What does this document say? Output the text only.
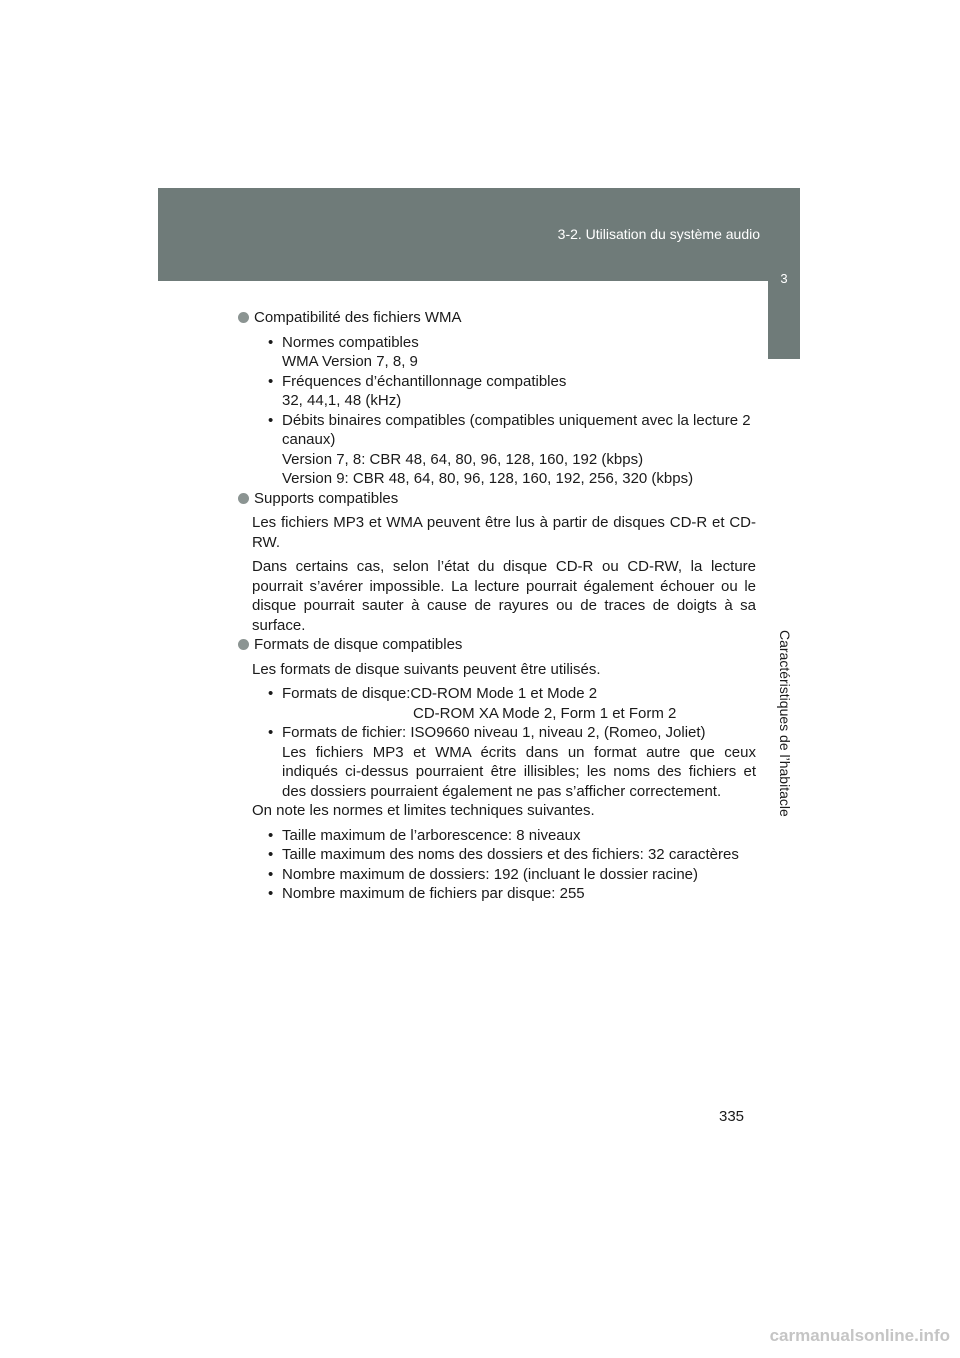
3-2. Utilisation du système audio
3
Caractéristiques de l’habitacle

Compatibilité des fichiers WMA

• Normes compatibles
WMA Version 7, 8, 9
• Fréquences d’échantillonnage compatibles
32, 44,1, 48 (kHz)
• Débits binaires compatibles (compatibles uniquement avec la lecture 2
canaux)
Version 7, 8: CBR 48, 64, 80, 96, 128, 160, 192 (kbps)
Version 9: CBR 48, 64, 80, 96, 128, 160, 192, 256, 320 (kbps)

Supports compatibles

Les fichiers MP3 et WMA peuvent être lus à partir de disques CD-R et CD-RW.

Dans certains cas, selon l’état du disque CD-R ou CD-RW, la lecture pourrait s’avérer impossible. La lecture pourrait également échouer ou le disque pourrait sauter à cause de rayures ou de traces de doigts à sa surface.

Formats de disque compatibles

Les formats de disque suivants peuvent être utilisés.

• Formats de disque:CD-ROM Mode 1 et Mode 2
CD-ROM XA Mode 2, Form 1 et Form 2
• Formats de fichier: ISO9660 niveau 1, niveau 2, (Romeo, Joliet)
Les fichiers MP3 et WMA écrits dans un format autre que ceux indiqués ci-dessus pourraient être illisibles; les noms des fichiers et des dossiers pourraient également ne pas s’afficher correctement.

On note les normes et limites techniques suivantes.

• Taille maximum de l’arborescence: 8 niveaux
• Taille maximum des noms des dossiers et des fichiers: 32 caractères
• Nombre maximum de dossiers: 192 (incluant le dossier racine)
• Nombre maximum de fichiers par disque: 255
335
carmanualsonline.info
